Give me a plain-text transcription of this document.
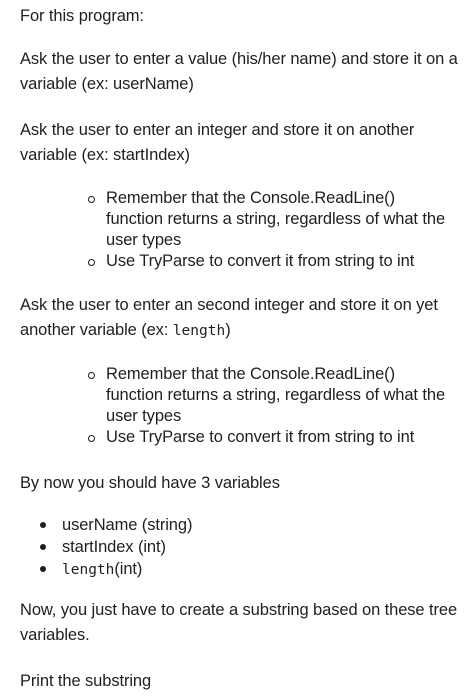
For this program:

Ask the user to enter a value (his/her name) and store it on a variable (ex: userName)

Ask the user to enter an integer and store it on another variable (ex: startIndex)

Remember that the Console.ReadLine() function returns a string, regardless of what the user types
Use TryParse to convert it from string to int

Ask the user to enter an second integer and store it on yet another variable (ex: length)

Remember that the Console.ReadLine() function returns a string, regardless of what the user types
Use TryParse to convert it from string to int

By now you should have 3 variables

userName (string)
startIndex (int)
length(int)

Now, you just have to create a substring based on these tree variables.

Print the substring
